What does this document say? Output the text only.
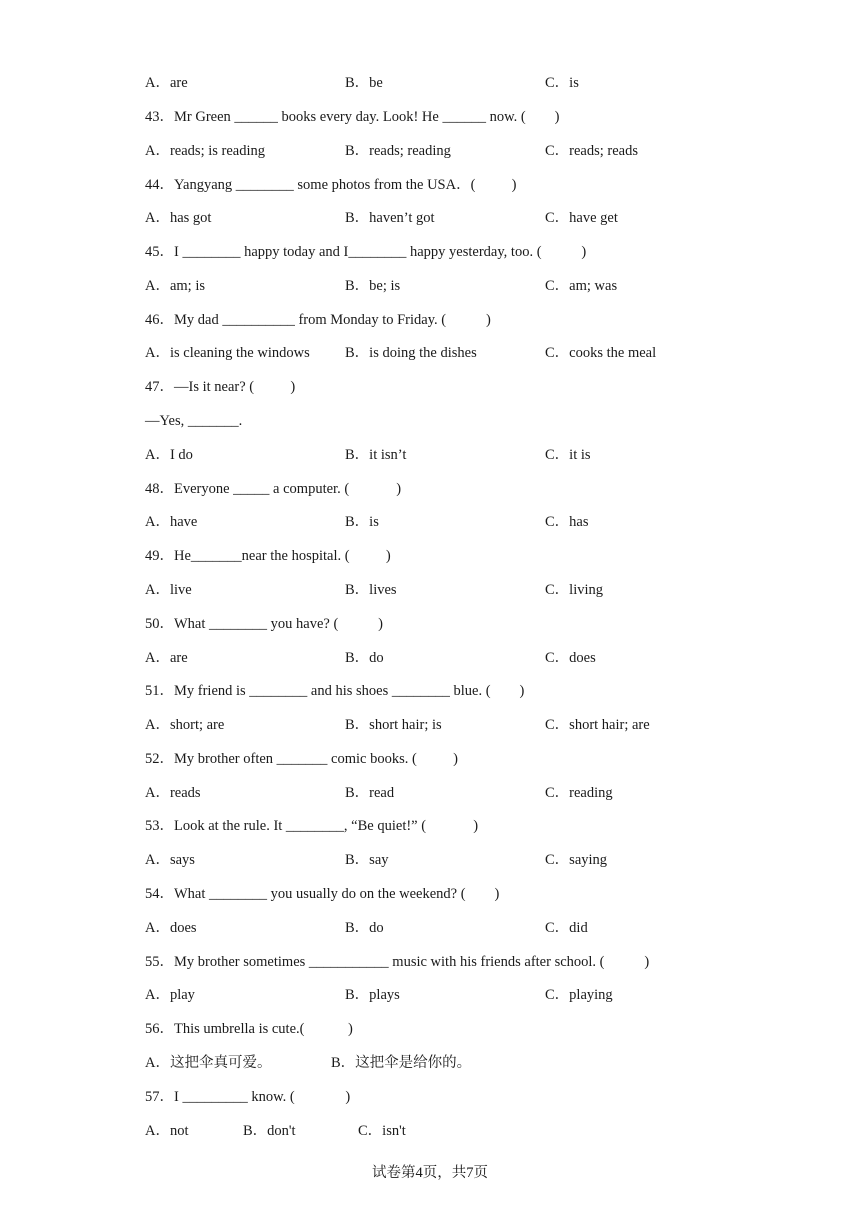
A．are	B．be	C．is
43．Mr Green ______ books every day. Look! He ______ now. (        )
A．reads; is reading	B．reads; reading	C．reads; reads
44．Yangyang ________ some photos from the USA．(          )
A．has got	B．haven’t got	C．have get
45．I ________ happy today and I________ happy yesterday, too. (           )
A．am; is	B．be; is	C．am; was
46．My dad __________ from Monday to Friday. (           )
A．is cleaning the windows B．is doing the dishes	C．cooks the meal
47．—Is it near? (          )
—Yes, _______.
A．I do	B．it isn’t	C．it is
48．Everyone _____ a computer. (             )
A．have	B．is	C．has
49．He_______near the hospital. (          )
A．live	B．lives	C．living
50．What ________ you have? (           )
A．are	B．do	C．does
51．My friend is ________ and his shoes ________ blue. (        )
A．short; are	B．short hair; is	C．short hair; are
52．My brother often _______ comic books. (          )
A．reads	B．read	C．reading
53．Look at the rule. It ________, “Be quiet!” (             )
A．says	B．say	C．saying
54．What ________ you usually do on the weekend? (        )
A．does	B．do	C．did
55．My brother sometimes ___________ music with his friends after school. (           )
A．play	B．plays	C．playing
56．This umbrella is cute.(            )
A．这把伞真可爱。	B．这把伞是给你的。
57．I _________ know. (              )
A．not	B．don't	C．isn't
试卷第4页，共7页
